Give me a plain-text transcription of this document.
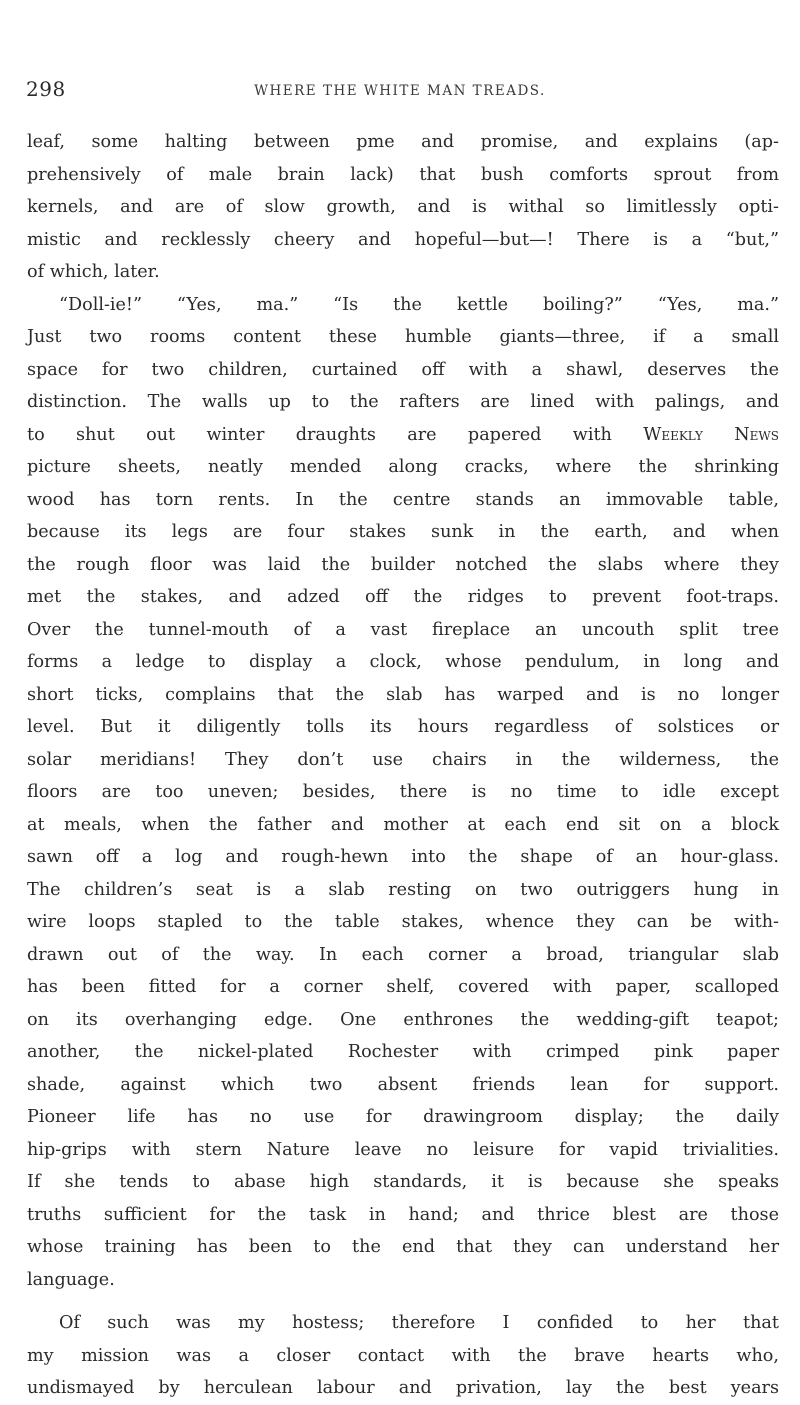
298	WHERE THE WHITE MAN TREADS.
leaf, some halting between pme and promise, and explains (ap-
prehensively of male brain lack) that bush comforts sprout from
kernels, and are of slow growth, and is withal so limitlessly opti-
mistic and recklessly cheery and hopeful—but—! There is a “but,”
of which, later.
“Doll-ie!” “Yes, ma.” “Is the kettle boiling?” “Yes, ma.”
Just two rooms content these humble giants—three, if a small
space for two children, curtained off with a shawl, deserves the
distinction. The walls up to the rafters are lined with palings, and
to shut out winter draughts are papered with Weekly News
picture sheets, neatly mended along cracks, where the shrinking
wood has torn rents. In the centre stands an immovable table,
because its legs are four stakes sunk in the earth, and when
the rough floor was laid the builder notched the slabs where they
met the stakes, and adzed off the ridges to prevent foot-traps.
Over the tunnel-mouth of a vast fireplace an uncouth split tree
forms a ledge to display a clock, whose pendulum, in long and
short ticks, complains that the slab has warped and is no longer
level. But it diligently tolls its hours regardless of solstices or
solar meridians! They don’t use chairs in the wilderness, the
floors are too uneven; besides, there is no time to idle except
at meals, when the father and mother at each end sit on a block
sawn off a log and rough-hewn into the shape of an hour-glass.
The children’s seat is a slab resting on two outriggers hung in
wire loops stapled to the table stakes, whence they can be with-
drawn out of the way. In each corner a broad, triangular slab
has been fitted for a corner shelf, covered with paper, scalloped
on its overhanging edge. One enthrones the wedding-gift teapot;
another, the nickel-plated Rochester with crimped pink paper
shade, against which two absent friends lean for support.
Pioneer life has no use for drawingroom display; the daily
hip-grips with stern Nature leave no leisure for vapid trivialities.
If she tends to abase high standards, it is because she speaks
truths sufficient for the task in hand; and thrice blest are those
whose training has been to the end that they can understand her
language.
Of such was my hostess; therefore I confided to her that
my mission was a closer contact with the brave hearts who,
undismayed by herculean labour and privation, lay the best years
